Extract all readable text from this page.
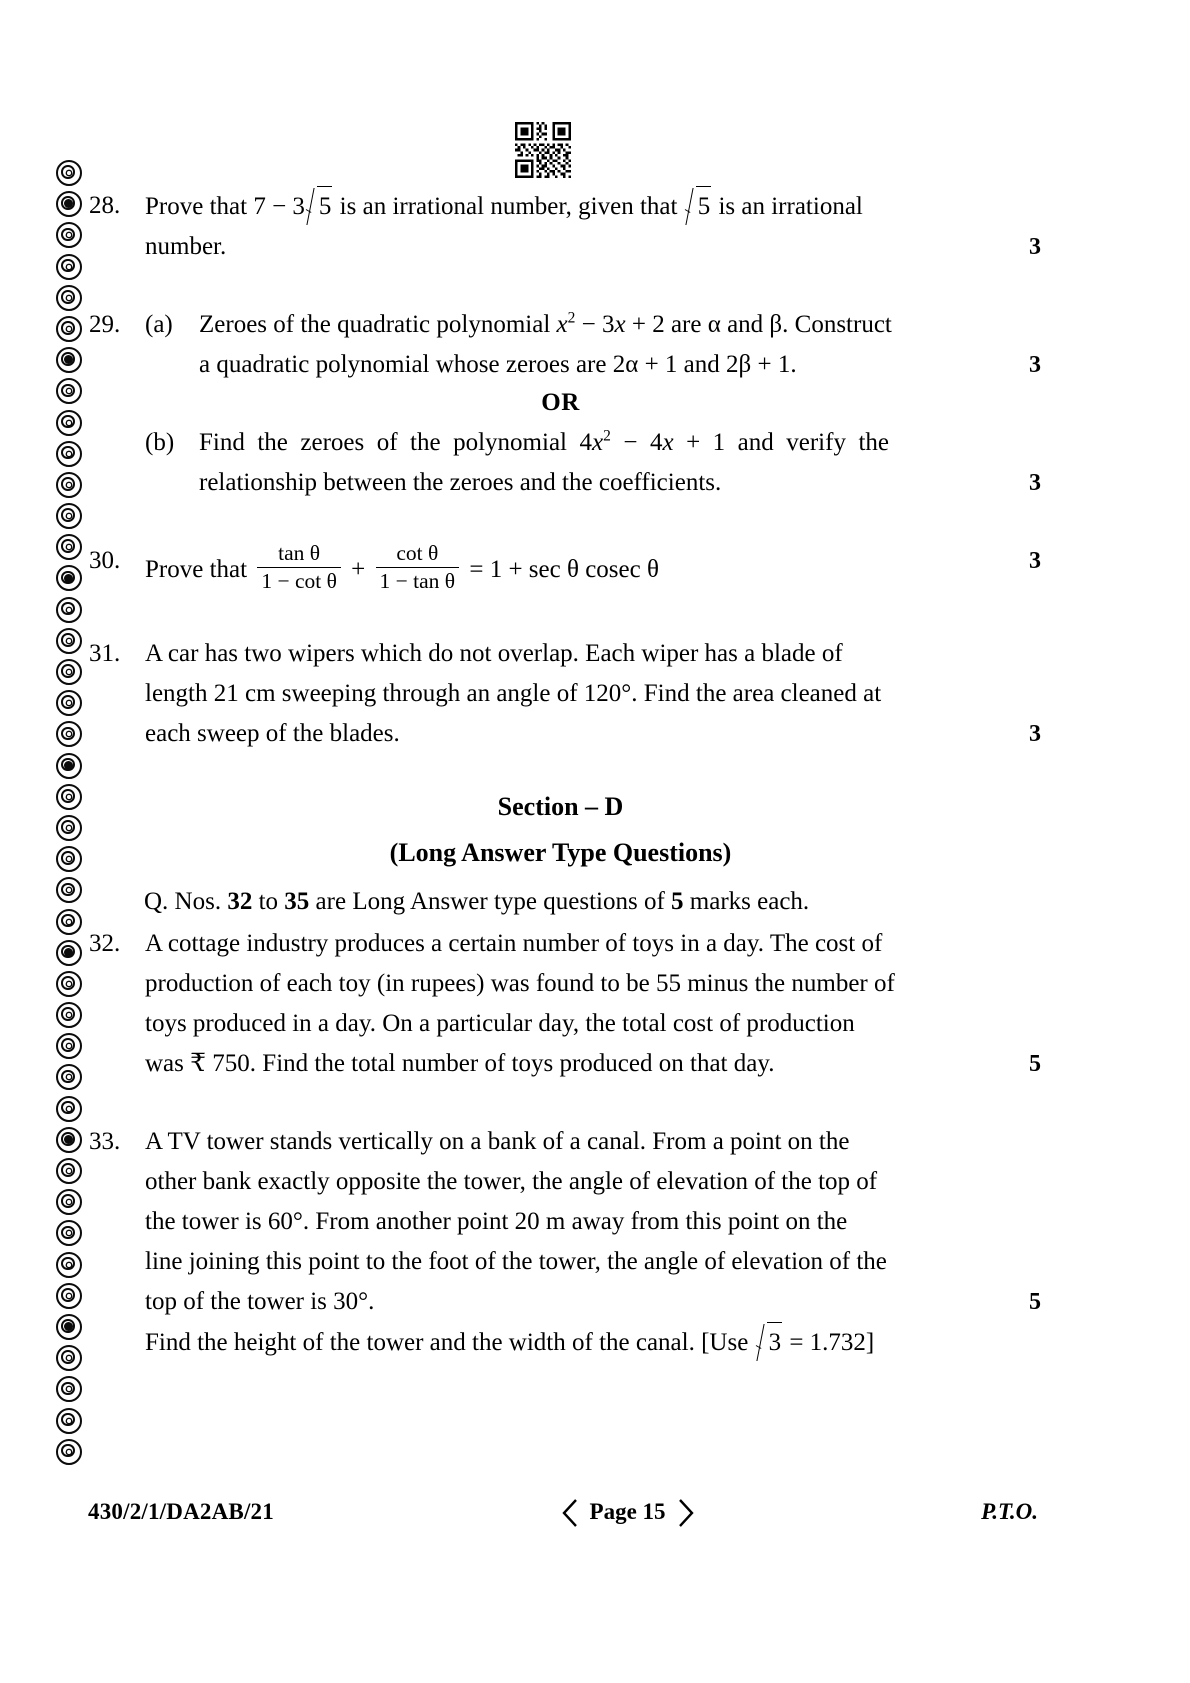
28. Prove that 7 − 3 5 is an irrational number, given that 5 is an irrational
number.	3
29. (a)	Zeroes of the quadratic polynomial $x^2 - 3x + 2$ are α and β. Construct
a quadratic polynomial whose zeroes are 2α + 1 and 2β + 1.	3
OR
(b) Find  the  zeroes  of  the  polynomial  $4x^2 - 4x + 1$  and  verify  the
relationship between the zeroes and the coefficients.	3
30. Prove that $\frac{\text{tan θ}}{\text{1 − cot θ}} + \frac{\text{cot θ}}{\text{1 − tan θ}} = 1 + \sec \theta$ cosec θ	3
31. A car has two wipers which do not overlap. Each wiper has a blade of
length 21 cm sweeping through an angle of 120°. Find the area cleaned at
each sweep of the blades.	3
Section – D
(Long Answer Type Questions)
Q. Nos. 32 to 35 are Long Answer type questions of 5 marks each.
32. A cottage industry produces a certain number of toys in a day. The cost of
production of each toy (in rupees) was found to be 55 minus the number of
toys produced in a day. On a particular day, the total cost of production
was ₹ 750. Find the total number of toys produced on that day.	5
33. A TV tower stands vertically on a bank of a canal. From a point on the
other bank exactly opposite the tower, the angle of elevation of the top of
the tower is 60°. From another point 20 m away from this point on the
line joining this point to the foot of the tower, the angle of elevation of the
top of the tower is 30°.	5
Find the height of the tower and the width of the canal. [Use 3 = 1.732]
430/2/1/DA2AB/21	Page 15	P.T.O.
